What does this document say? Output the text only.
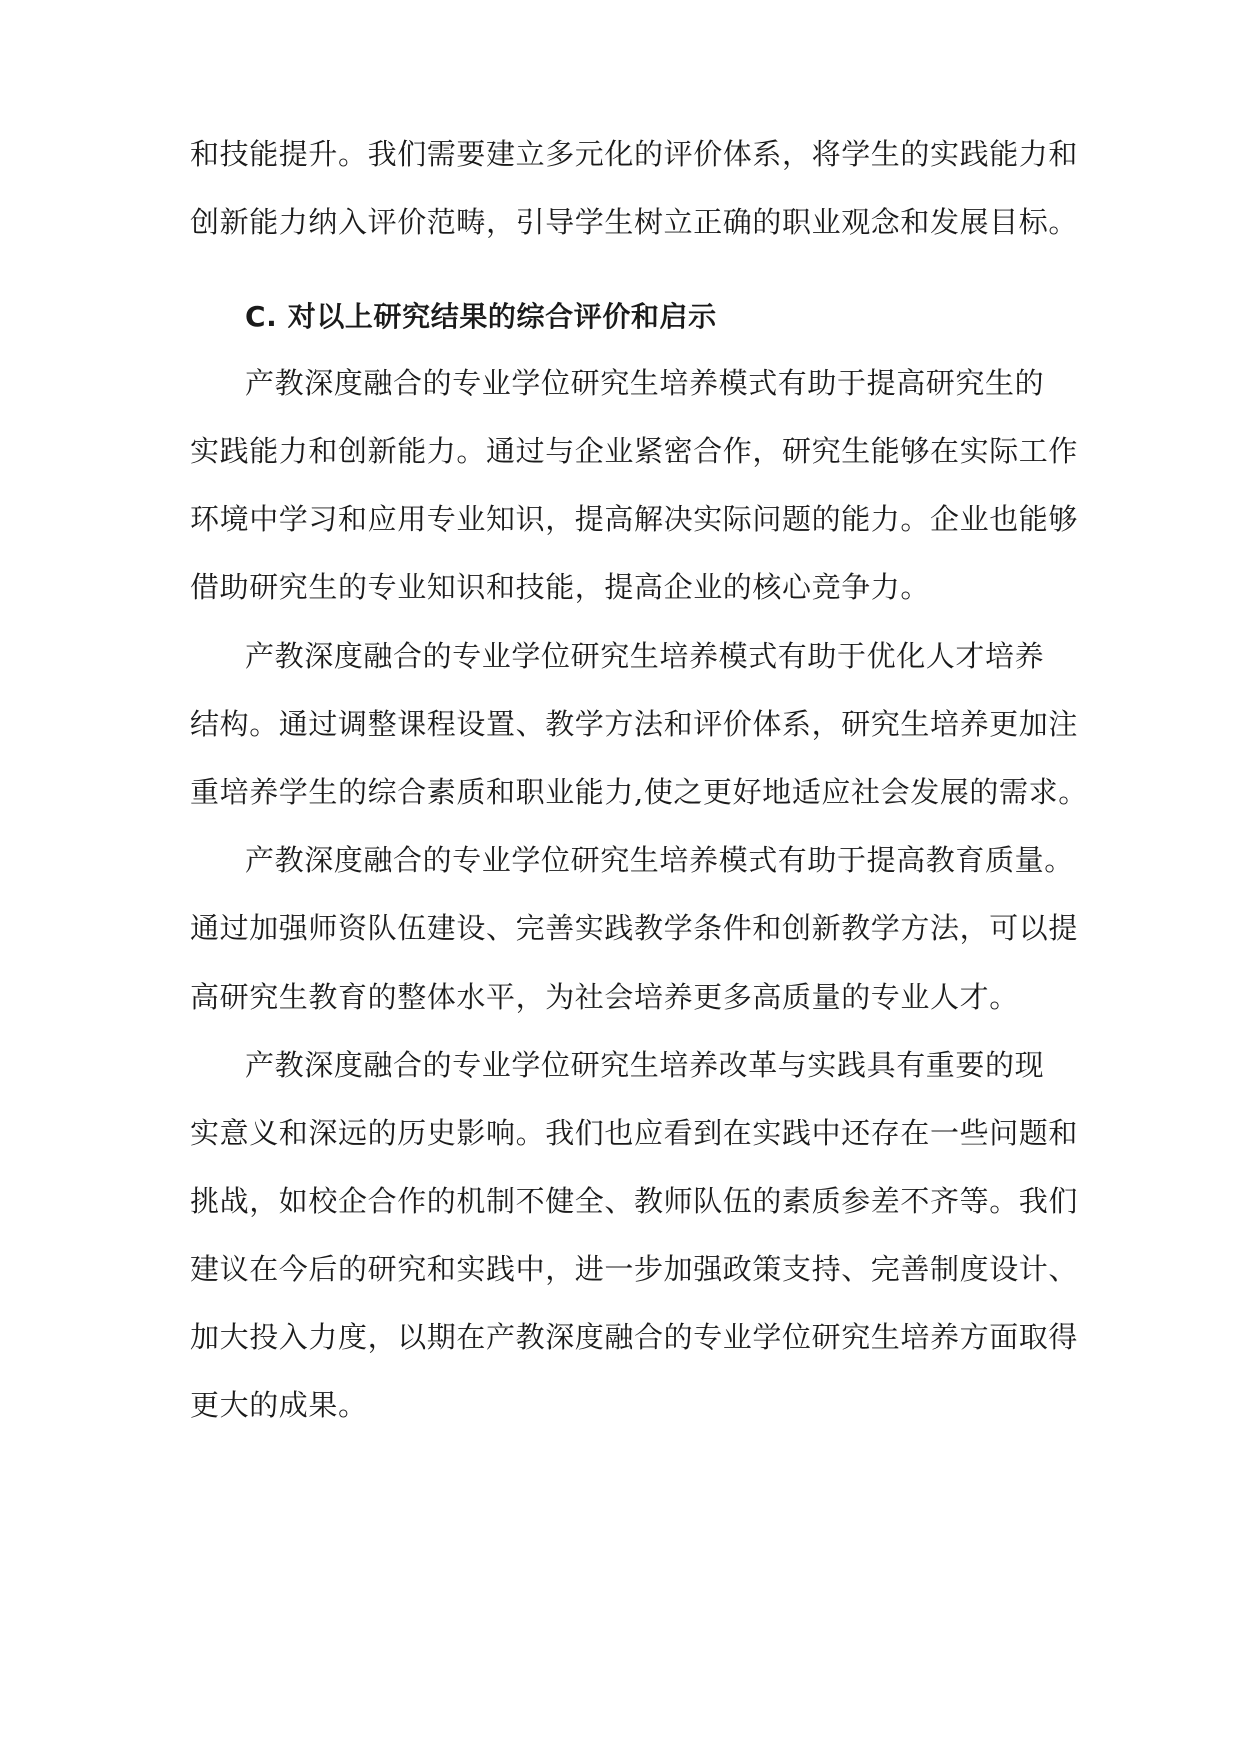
和技能提升。我们需要建立多元化的评价体系，将学生的实践能力和
创新能力纳入评价范畴，引导学生树立正确的职业观念和发展目标。
C. 对以上研究结果的综合评价和启示
产教深度融合的专业学位研究生培养模式有助于提高研究生的
实践能力和创新能力。通过与企业紧密合作，研究生能够在实际工作
环境中学习和应用专业知识，提高解决实际问题的能力。企业也能够
借助研究生的专业知识和技能，提高企业的核心竞争力。
产教深度融合的专业学位研究生培养模式有助于优化人才培养
结构。通过调整课程设置、教学方法和评价体系，研究生培养更加注
重培养学生的综合素质和职业能力,使之更好地适应社会发展的需求。
产教深度融合的专业学位研究生培养模式有助于提高教育质量。
通过加强师资队伍建设、完善实践教学条件和创新教学方法，可以提
高研究生教育的整体水平，为社会培养更多高质量的专业人才。
产教深度融合的专业学位研究生培养改革与实践具有重要的现
实意义和深远的历史影响。我们也应看到在实践中还存在一些问题和
挑战，如校企合作的机制不健全、教师队伍的素质参差不齐等。我们
建议在今后的研究和实践中，进一步加强政策支持、完善制度设计、
加大投入力度，以期在产教深度融合的专业学位研究生培养方面取得
更大的成果。
